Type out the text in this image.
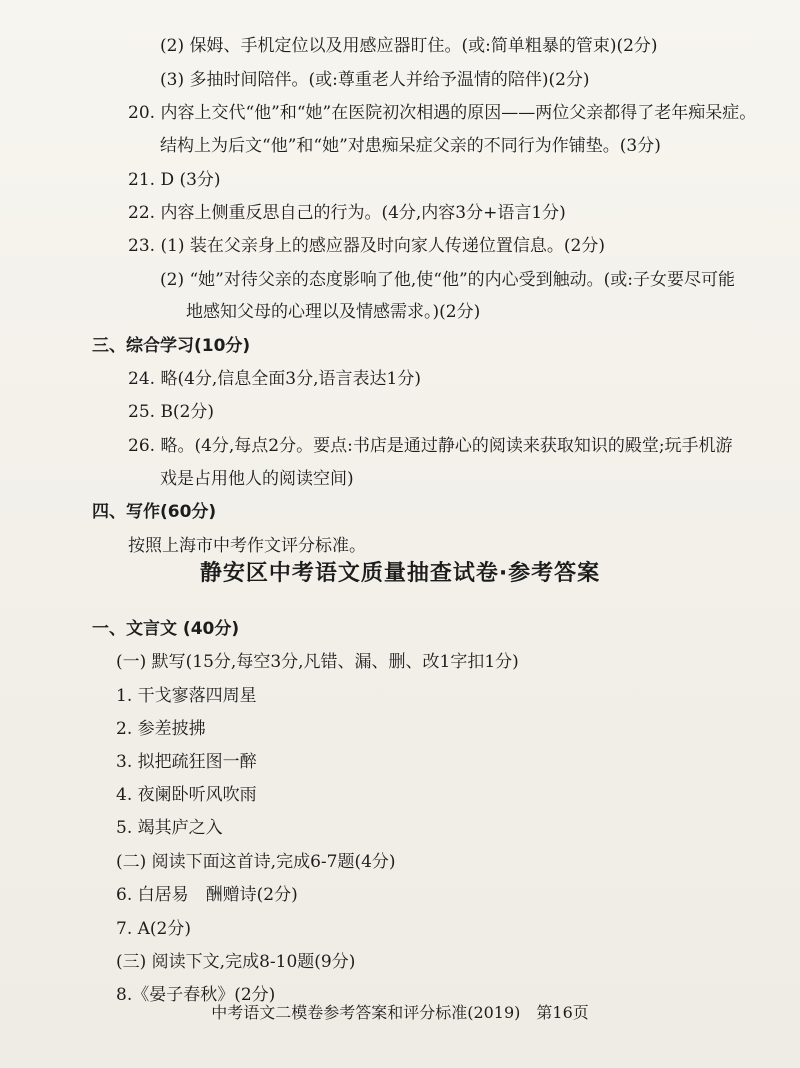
(2) 保姆、手机定位以及用感应器盯住。(或:简单粗暴的管束)(2分)
(3) 多抽时间陪伴。(或:尊重老人并给予温情的陪伴)(2分)
20. 内容上交代“他”和“她”在医院初次相遇的原因——两位父亲都得了老年痴呆症。
结构上为后文“他”和“她”对患痴呆症父亲的不同行为作铺垫。(3分)
21. D (3分)
22. 内容上侧重反思自己的行为。(4分,内容3分+语言1分)
23. (1) 装在父亲身上的感应器及时向家人传递位置信息。(2分)
(2) “她”对待父亲的态度影响了他,使“他”的内心受到触动。(或:子女要尽可能
地感知父母的心理以及情感需求。)(2分)
三、综合学习(10分)
24. 略(4分,信息全面3分,语言表达1分)
25. B(2分)
26. 略。(4分,每点2分。要点:书店是通过静心的阅读来获取知识的殿堂;玩手机游
戏是占用他人的阅读空间)
四、写作(60分)
按照上海市中考作文评分标准。
一、文言文 (40分)
(一) 默写(15分,每空3分,凡错、漏、删、改1字扣1分)
1. 干戈寥落四周星
2. 参差披拂
3. 拟把疏狂图一醉
4. 夜阑卧听风吹雨
5. 竭其庐之入
(二) 阅读下面这首诗,完成6-7题(4分)
6. 白居易　酬赠诗(2分)
7. A(2分)
(三) 阅读下文,完成8-10题(9分)
8.《晏子春秋》(2分)
静安区中考语文质量抽查试卷·参考答案
中考语文二模卷参考答案和评分标准(2019)　第16页
